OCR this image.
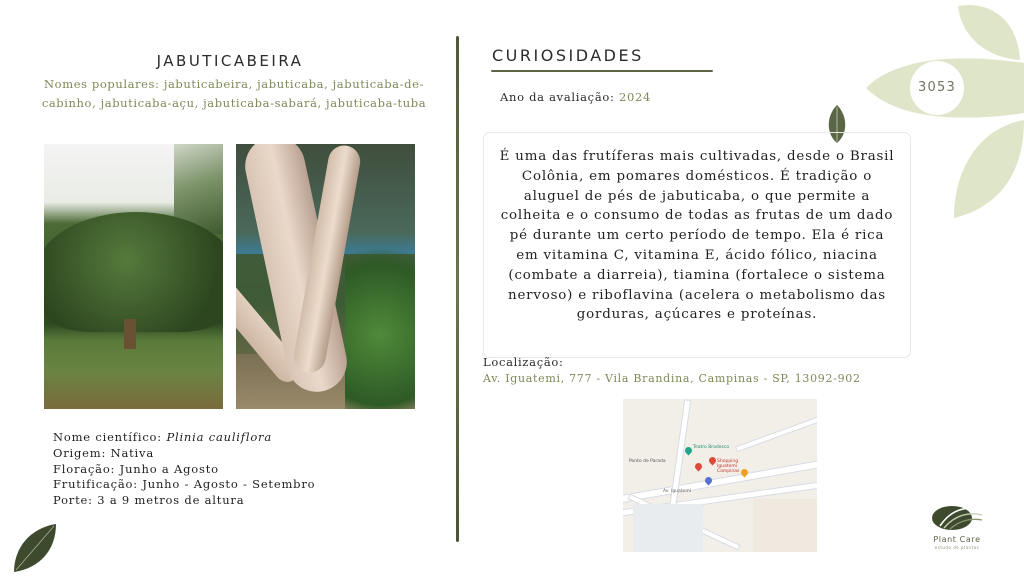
3053
JABUTICABEIRA
Nomes populares: jabuticabeira, jabuticaba, jabuticaba-de-cabinho, jabuticaba-açu, jabuticaba-sabará, jabuticaba-tuba
Nome científico: Plinia cauliflora
Origem: Nativa
Floração: Junho a Agosto
Frutificação: Junho - Agosto - Setembro
Porte: 3 a 9 metros de altura
CURIOSIDADES
Ano da avaliação: 2024
É uma das frutíferas mais cultivadas, desde o Brasil Colônia, em pomares domésticos. É tradição o aluguel de pés de jabuticaba, o que permite a colheita e o consumo de todas as frutas de um dado pé durante um certo período de tempo. Ela é rica em vitamina C, vitamina E, ácido fólico, niacina (combate a diarreia), tiamina (fortalece o sistema nervoso) e riboflavina (acelera o metabolismo das gorduras, açúcares e proteínas.
Localização:
Av. Iguatemi, 777 - Vila Brandina, Campinas - SP, 13092-902
Teatro Bradesco
Shopping Iguatemi Campinas
Ponto de Parada
Av. Iguatemi
Plant Care
estudo de plantas
